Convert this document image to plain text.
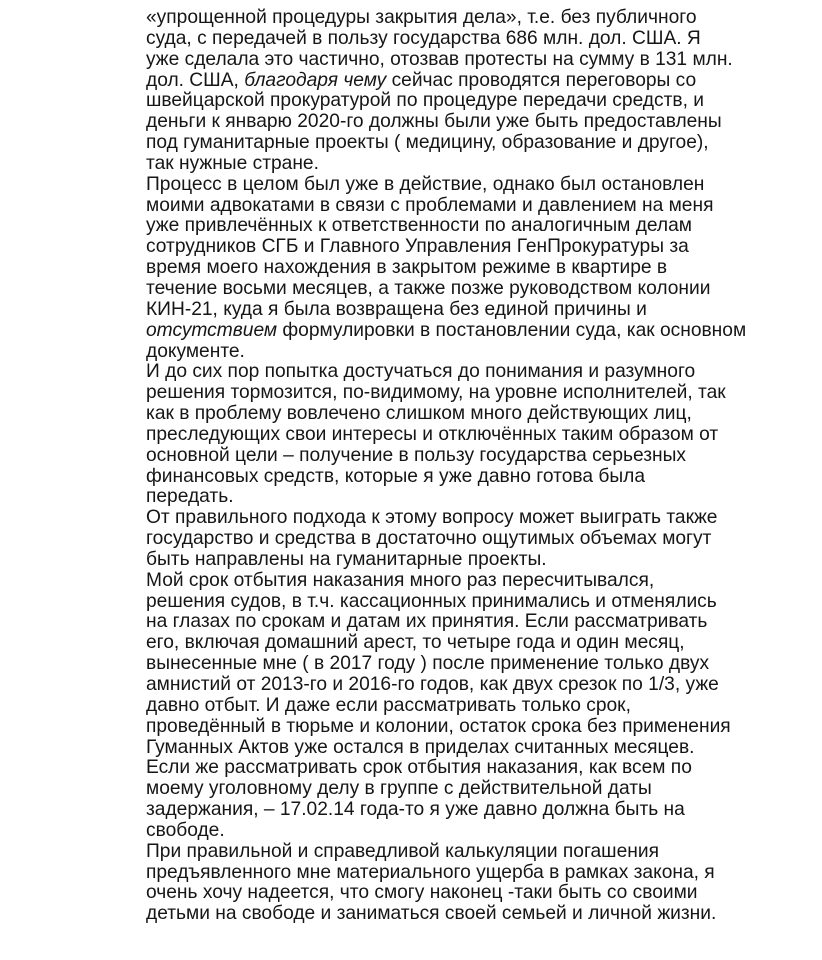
«упрощенной процедуры закрытия дела», т.е. без публичного
суда, с передачей в пользу государства 686 млн. дол. США. Я
уже сделала это частично, отозвав протесты на сумму в 131 млн.
дол. США, благодаря чему сейчас проводятся переговоры со
швейцарской прокуратурой по процедуре передачи средств, и
деньги к январю 2020-го должны были уже быть предоставлены
под гуманитарные проекты ( медицину, образование и другое),
так нужные стране.
Процесс в целом был уже в действие, однако был остановлен
моими адвокатами в связи с проблемами и давлением на меня
уже привлечённых к ответственности по аналогичным делам
сотрудников СГБ и Главного Управления ГенПрокуратуры за
время моего нахождения в закрытом режиме в квартире в
течение восьми месяцев, а также позже руководством колонии
КИН-21, куда я была возвращена без единой причины и
отсутствием формулировки в постановлении суда, как основном
документе.
И до сих пор попытка достучаться до понимания и разумного
решения тормозится, по-видимому, на уровне исполнителей, так
как в проблему вовлечено слишком много действующих лиц,
преследующих свои интересы и отключённых таким образом от
основной цели – получение в пользу государства серьезных
финансовых средств, которые я уже давно готова была
передать.
От правильного подхода к этому вопросу может выиграть также
государство и средства в достаточно ощутимых объемах могут
быть направлены на гуманитарные проекты.
Мой срок отбытия наказания много раз пересчитывался,
решения судов, в т.ч. кассационных принимались и отменялись
на глазах по срокам и датам их принятия. Если рассматривать
его, включая домашний арест, то четыре года и один месяц,
вынесенные мне ( в 2017 году ) после применение только двух
амнистий от 2013-го и 2016-го годов, как двух срезок по 1/3, уже
давно отбыт. И даже если рассматривать только срок,
проведённый в тюрьме и колонии, остаток срока без применения
Гуманных Актов уже остался в приделах считанных месяцев.
Если же рассматривать срок отбытия наказания, как всем по
моему уголовному делу в группе с действительной даты
задержания, – 17.02.14 года-то я уже давно должна быть на
свободе.
При правильной и справедливой калькуляции погашения
предъявленного мне материального ущерба в рамках закона, я
очень хочу надеется, что смогу наконец -таки быть со своими
детьми на свободе и заниматься своей семьей и личной жизни.
